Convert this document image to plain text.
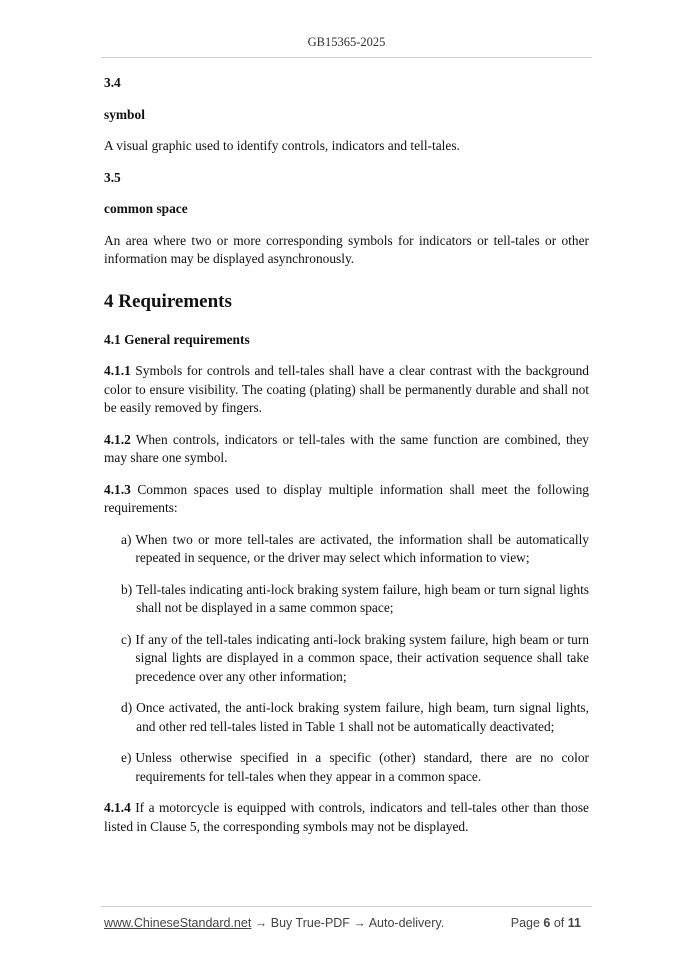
GB15365-2025
3.4
symbol

A visual graphic used to identify controls, indicators and tell-tales.

3.5
common space

An area where two or more corresponding symbols for indicators or tell-tales or other information may be displayed asynchronously.

4 Requirements
4.1 General requirements

4.1.1 Symbols for controls and tell-tales shall have a clear contrast with the background color to ensure visibility. The coating (plating) shall be permanently durable and shall not be easily removed by fingers.

4.1.2 When controls, indicators or tell-tales with the same function are combined, they may share one symbol.

4.1.3 Common spaces used to display multiple information shall meet the following requirements:

a) When two or more tell-tales are activated, the information shall be automatically repeated in sequence, or the driver may select which information to view;
b) Tell-tales indicating anti-lock braking system failure, high beam or turn signal lights shall not be displayed in a same common space;
c) If any of the tell-tales indicating anti-lock braking system failure, high beam or turn signal lights are displayed in a common space, their activation sequence shall take precedence over any other information;
d) Once activated, the anti-lock braking system failure, high beam, turn signal lights, and other red tell-tales listed in Table 1 shall not be automatically deactivated;
e) Unless otherwise specified in a specific (other) standard, there are no color requirements for tell-tales when they appear in a common space.

4.1.4 If a motorcycle is equipped with controls, indicators and tell-tales other than those listed in Clause 5, the corresponding symbols may not be displayed.

www.ChineseStandard.net → Buy True-PDF → Auto-delivery.	Page 6 of 11
